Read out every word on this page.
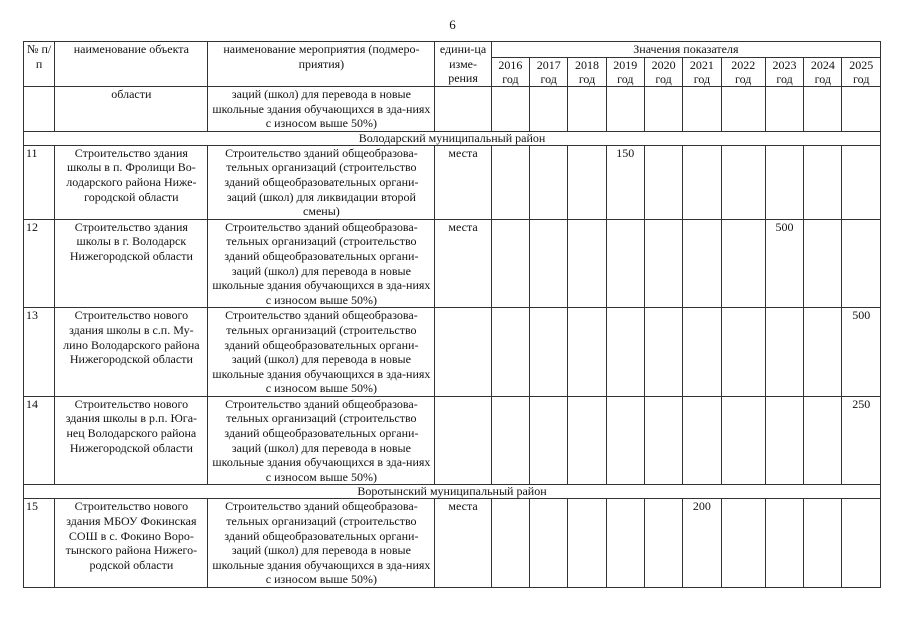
6
№ п/п	наименование объекта	наименование мероприятия (подмеро-приятия)	едини-ца изме-рения	Значения показателя									
				2016 год	2017 год	2018 год	2019 год	2020 год	2021 год	2022 год	2023 год	2024 год	2025 год
	области	заций (школ) для перевода в новые школьные здания обучающихся в зда-ниях с износом выше 50%)											
Володарский муниципальный район													
11	Строительство здания школы в п. Фролищи Во-лодарского района Ниже-городской области	Строительство зданий общеобразова-тельных организаций (строительство зданий общеобразовательных органи-заций (школ) для ликвидации второй смены)	места				150						
12	Строительство здания школы в г. Володарск Нижегородской области	Строительство зданий общеобразова-тельных организаций (строительство зданий общеобразовательных органи-заций (школ) для перевода в новые школьные здания обучающихся в зда-ниях с износом выше 50%)	места								500		
13	Строительство нового здания школы в с.п. Му-лино Володарского района Нижегородской области	Строительство зданий общеобразова-тельных организаций (строительство зданий общеобразовательных органи-заций (школ) для перевода в новые школьные здания обучающихся в зда-ниях с износом выше 50%)											500
14	Строительство нового здания школы в р.п. Юга-нец Володарского района Нижегородской области	Строительство зданий общеобразова-тельных организаций (строительство зданий общеобразовательных органи-заций (школ) для перевода в новые школьные здания обучающихся в зда-ниях с износом выше 50%)											250
Воротынский муниципальный район													
15	Строительство нового здания МБОУ Фокинская СОШ в с. Фокино Воро-тынского района Нижего-родской области	Строительство зданий общеобразова-тельных организаций (строительство зданий общеобразовательных органи-заций (школ) для перевода в новые школьные здания обучающихся в зда-ниях с износом выше 50%)	места						200				
